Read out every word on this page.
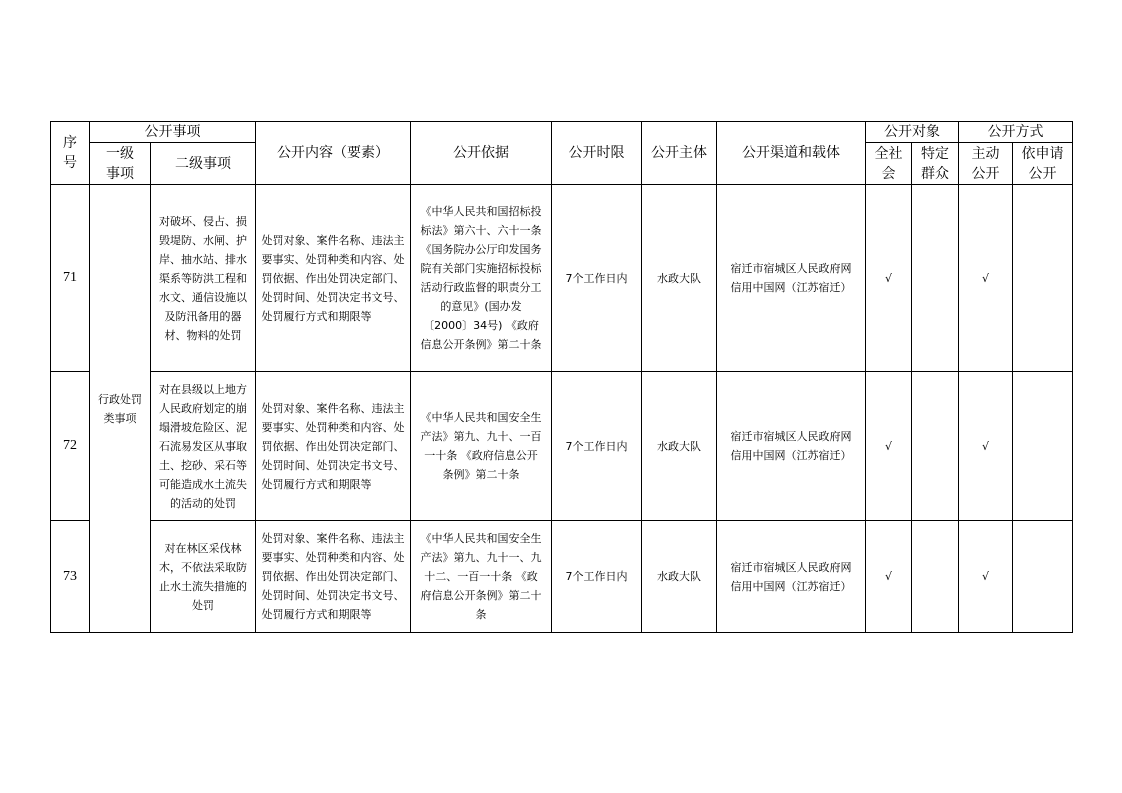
序号	公开事项		公开内容（要素）	公开依据	公开时限	公开主体	公开渠道和载体	公开对象		公开方式	

	一级事项	二级事项						全社会	特定群众	主动公开	依申请公开

71	行政处罚类事项	对破坏、侵占、损毁堤防、水闸、护岸、抽水站、排水渠系等防洪工程和水文、通信设施以及防汛备用的器材、物料的处罚	处罚对象、案件名称、违法主要事实、处罚种类和内容、处罚依据、作出处罚决定部门、处罚时间、处罚决定书文号、处罚履行方式和期限等	《中华人民共和国招标投标法》第六十、六十一条 《国务院办公厅印发国务院有关部门实施招标投标活动行政监督的职责分工的意见》(国办发〔2000〕34号) 《政府信息公开条例》第二十条	7个工作日内	水政大队	宿迁市宿城区人民政府网 信用中国网（江苏宿迁）	√		√	
72		对在县级以上地方人民政府划定的崩塌滑坡危险区、泥石流易发区从事取土、挖砂、采石等可能造成水土流失的活动的处罚	处罚对象、案件名称、违法主要事实、处罚种类和内容、处罚依据、作出处罚决定部门、处罚时间、处罚决定书文号、处罚履行方式和期限等	《中华人民共和国安全生产法》第九、九十、一百一十条 《政府信息公开条例》第二十条	7个工作日内	水政大队	宿迁市宿城区人民政府网 信用中国网（江苏宿迁）	√		√	
73		对在林区采伐林木，不依法采取防止水土流失措施的处罚	处罚对象、案件名称、违法主要事实、处罚种类和内容、处罚依据、作出处罚决定部门、处罚时间、处罚决定书文号、处罚履行方式和期限等	《中华人民共和国安全生产法》第九、九十一、九十二、一百一十条 《政府信息公开条例》第二十条	7个工作日内	水政大队	宿迁市宿城区人民政府网 信用中国网（江苏宿迁）	√		√	
